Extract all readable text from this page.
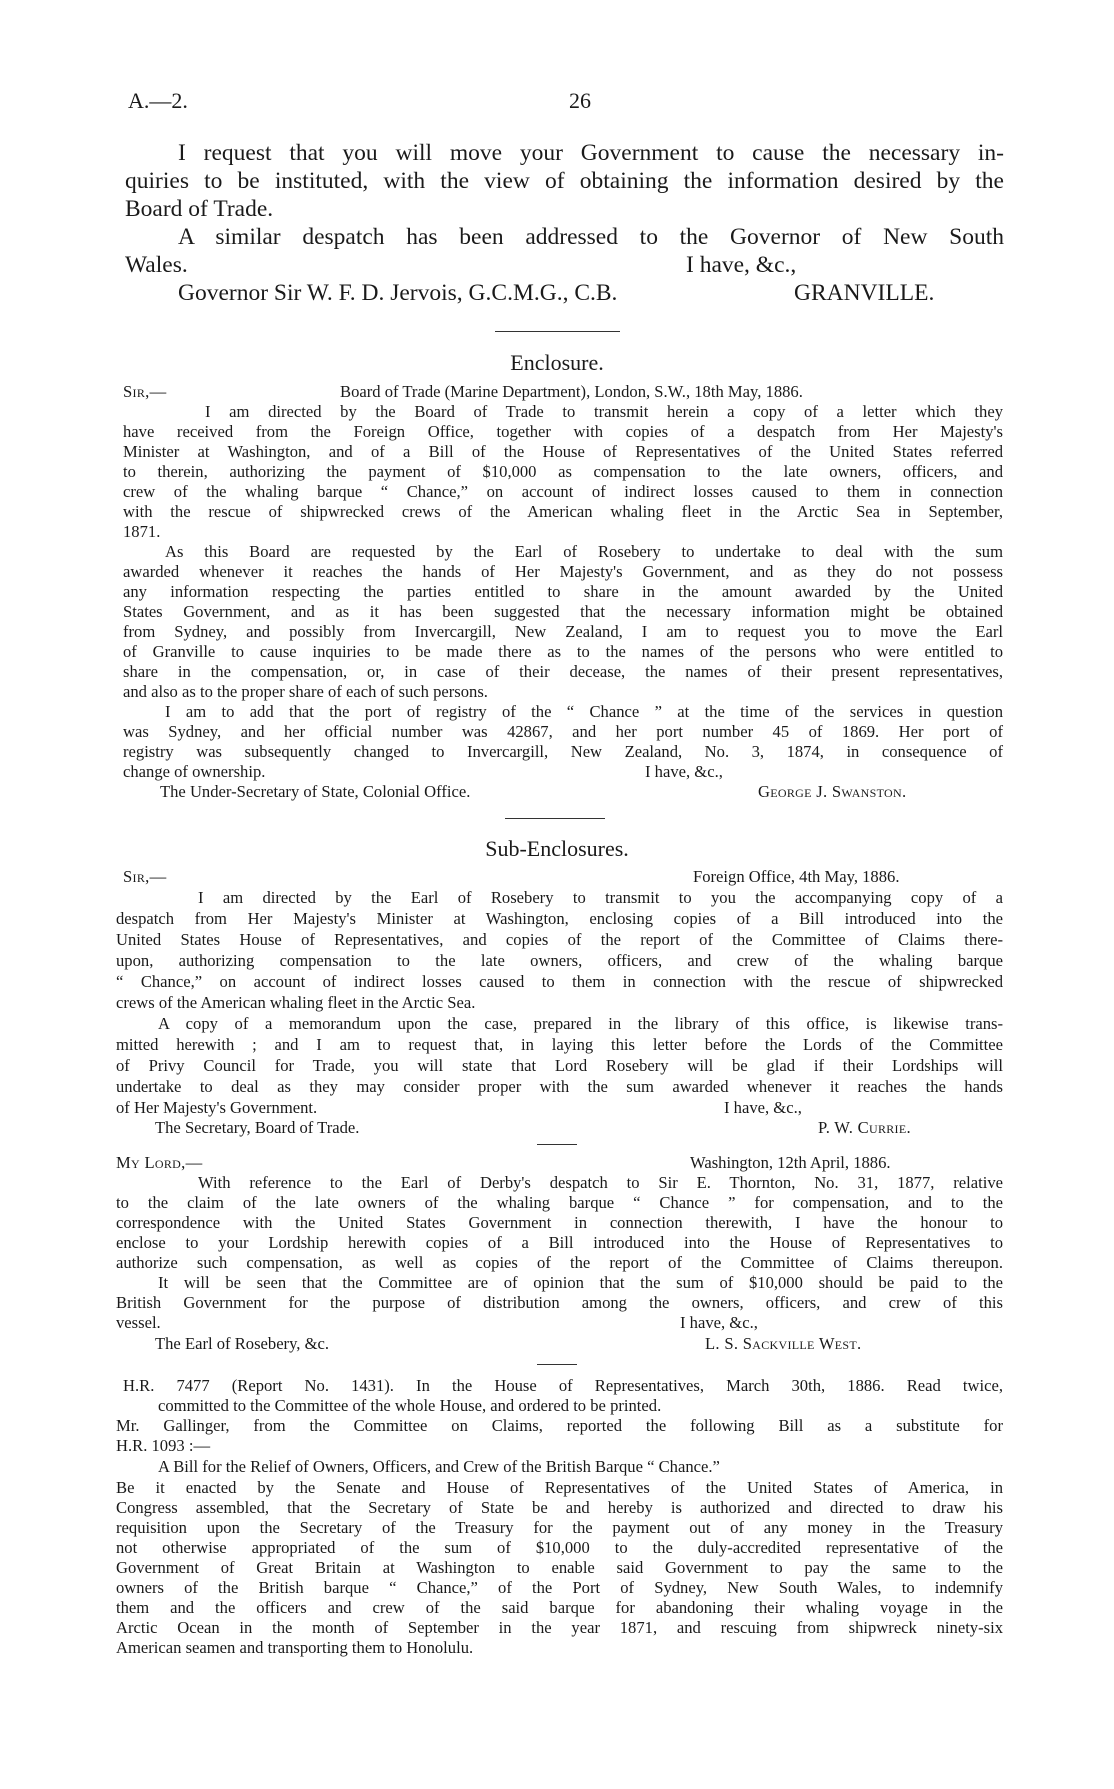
A.—2.	26
I request that you will move your Government to cause the necessary in-
quiries to be instituted, with the view of obtaining the information desired by the
Board of Trade.
A similar despatch has been addressed to the Governor of New South
Wales.	I have, &c.,
Governor Sir W. F. D. Jervois, G.C.M.G., C.B.	GRANVILLE.
Enclosure.
Sir,—	Board of Trade (Marine Department), London, S.W., 18th May, 1886.
I am directed by the Board of Trade to transmit herein a copy of a letter which they
have received from the Foreign Office, together with copies of a despatch from Her Majesty's
Minister at Washington, and of a Bill of the House of Representatives of the United States referred
to therein, authorizing the payment of $10,000 as compensation to the late owners, officers, and
crew of the whaling barque “ Chance,” on account of indirect losses caused to them in connection
with the rescue of shipwrecked crews of the American whaling fleet in the Arctic Sea in September,
1871.
As this Board are requested by the Earl of Rosebery to undertake to deal with the sum
awarded whenever it reaches the hands of Her Majesty's Government, and as they do not possess
any information respecting the parties entitled to share in the amount awarded by the United
States Government, and as it has been suggested that the necessary information might be obtained
from Sydney, and possibly from Invercargill, New Zealand, I am to request you to move the Earl
of Granville to cause inquiries to be made there as to the names of the persons who were entitled to
share in the compensation, or, in case of their decease, the names of their present representatives,
and also as to the proper share of each of such persons.
I am to add that the port of registry of the “ Chance ” at the time of the services in question
was Sydney, and her official number was 42867, and her port number 45 of 1869. Her port of
registry was subsequently changed to Invercargill, New Zealand, No. 3, 1874, in consequence of
change of ownership.	I have, &c.,
The Under-Secretary of State, Colonial Office.	George J. Swanston.
Sub-Enclosures.
Sir,—	Foreign Office, 4th May, 1886.
I am directed by the Earl of Rosebery to transmit to you the accompanying copy of a
despatch from Her Majesty's Minister at Washington, enclosing copies of a Bill introduced into the
United States House of Representatives, and copies of the report of the Committee of Claims there-
upon, authorizing compensation to the late owners, officers, and crew of the whaling barque
“ Chance,” on account of indirect losses caused to them in connection with the rescue of shipwrecked
crews of the American whaling fleet in the Arctic Sea.
A copy of a memorandum upon the case, prepared in the library of this office, is likewise trans-
mitted herewith ; and I am to request that, in laying this letter before the Lords of the Committee
of Privy Council for Trade, you will state that Lord Rosebery will be glad if their Lordships will
undertake to deal as they may consider proper with the sum awarded whenever it reaches the hands
of Her Majesty's Government.	I have, &c.,
The Secretary, Board of Trade.	P. W. Currie.
My Lord,—	Washington, 12th April, 1886.
With reference to the Earl of Derby's despatch to Sir E. Thornton, No. 31, 1877, relative
to the claim of the late owners of the whaling barque “ Chance ” for compensation, and to the
correspondence with the United States Government in connection therewith, I have the honour to
enclose to your Lordship herewith copies of a Bill introduced into the House of Representatives to
authorize such compensation, as well as copies of the report of the Committee of Claims thereupon.
It will be seen that the Committee are of opinion that the sum of $10,000 should be paid to the
British Government for the purpose of distribution among the owners, officers, and crew of this
vessel.	I have, &c.,
The Earl of Rosebery, &c.	L. S. Sackville West.
H.R. 7477 (Report No. 1431). In the House of Representatives, March 30th, 1886. Read twice,
committed to the Committee of the whole House, and ordered to be printed.
Mr. Gallinger, from the Committee on Claims, reported the following Bill as a substitute for
H.R. 1093 :—
A Bill for the Relief of Owners, Officers, and Crew of the British Barque “ Chance.”
Be it enacted by the Senate and House of Representatives of the United States of America, in
Congress assembled, that the Secretary of State be and hereby is authorized and directed to draw his
requisition upon the Secretary of the Treasury for the payment out of any money in the Treasury
not otherwise appropriated of the sum of $10,000 to the duly-accredited representative of the
Government of Great Britain at Washington to enable said Government to pay the same to the
owners of the British barque “ Chance,” of the Port of Sydney, New South Wales, to indemnify
them and the officers and crew of the said barque for abandoning their whaling voyage in the
Arctic Ocean in the month of September in the year 1871, and rescuing from shipwreck ninety-six
American seamen and transporting them to Honolulu.
